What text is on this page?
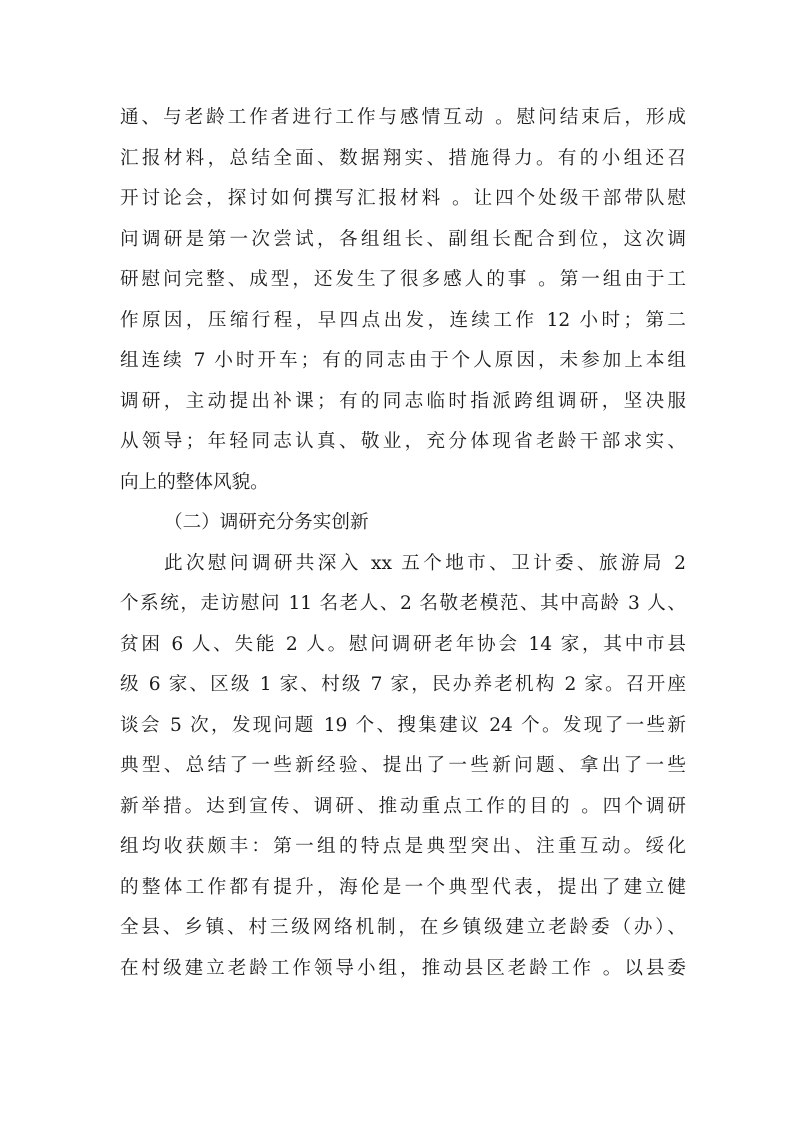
通、与老龄工作者进行工作与感情互动 。慰问结束后，形成
汇报材料，总结全面、数据翔实、措施得力。有的小组还召
开讨论会，探讨如何撰写汇报材料 。让四个处级干部带队慰
问调研是第一次尝试，各组组长、副组长配合到位，这次调
研慰问完整、成型，还发生了很多感人的事 。第一组由于工
作原因，压缩行程，早四点出发，连续工作 12 小时；第二
组连续 7 小时开车；有的同志由于个人原因，未参加上本组
调研，主动提出补课；有的同志临时指派跨组调研，坚决服
从领导；年轻同志认真、敬业，充分体现省老龄干部求实、
向上的整体风貌。
（二）调研充分务实创新
此次慰问调研共深入 xx 五个地市、卫计委、旅游局 2
个系统，走访慰问 11 名老人、2 名敬老模范、其中高龄 3 人、
贫困 6 人、失能 2 人。慰问调研老年协会 14 家，其中市县
级 6 家、区级 1 家、村级 7 家，民办养老机构 2 家。召开座
谈会 5 次，发现问题 19 个、搜集建议 24 个。发现了一些新
典型、总结了一些新经验、提出了一些新问题、拿出了一些
新举措。达到宣传、调研、推动重点工作的目的 。四个调研
组均收获颇丰：第一组的特点是典型突出、注重互动。绥化
的整体工作都有提升，海伦是一个典型代表，提出了建立健
全县、乡镇、村三级网络机制，在乡镇级建立老龄委（办）、
在村级建立老龄工作领导小组，推动县区老龄工作 。以县委
